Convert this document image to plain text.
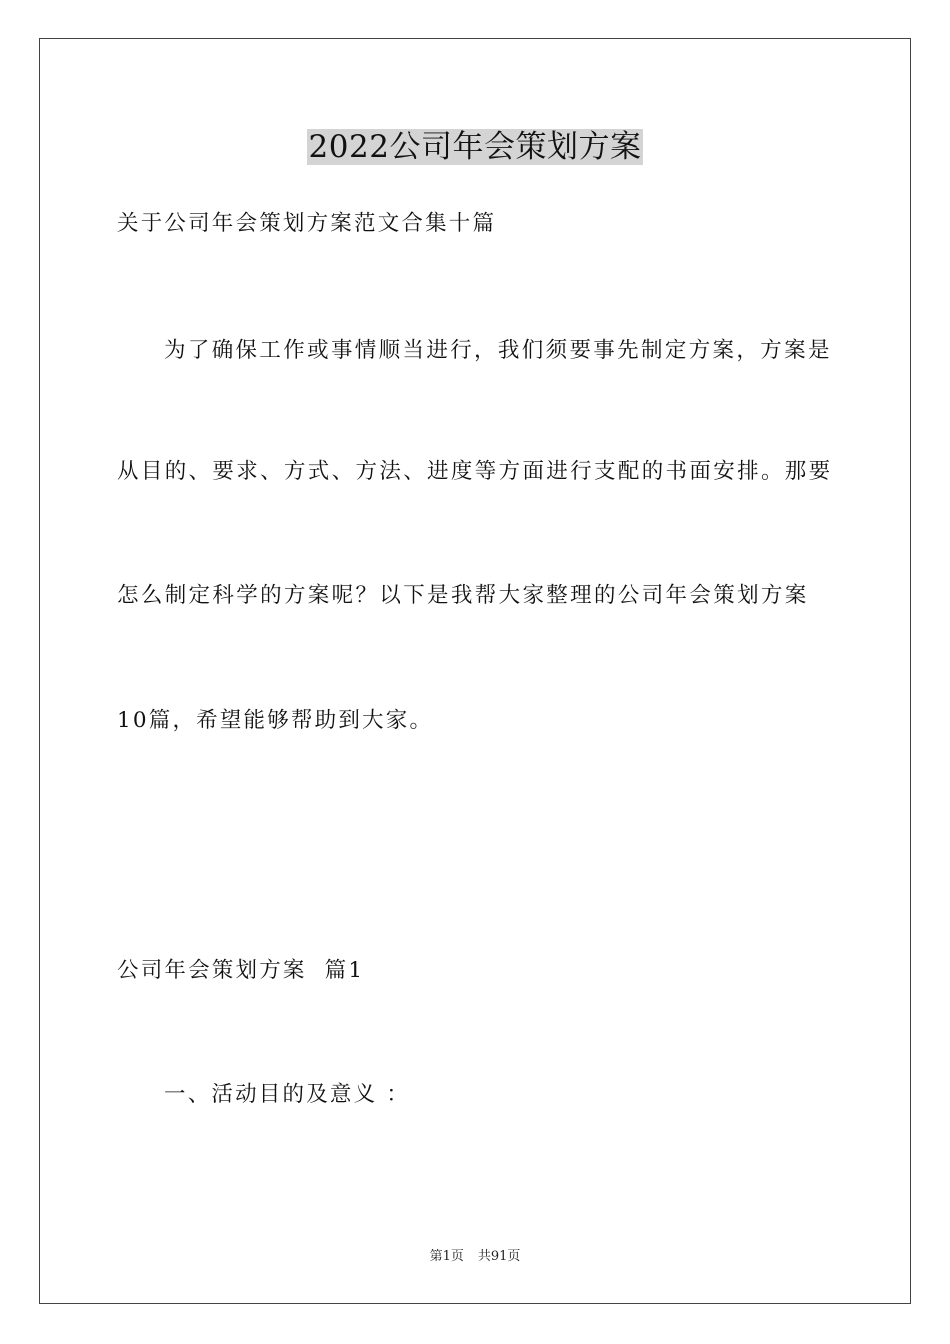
2022公司年会策划方案
关于公司年会策划方案范文合集十篇
为了确保工作或事情顺当进行，我们须要事先制定方案，方案是
从目的、要求、方式、方法、进度等方面进行支配的书面安排。那要
怎么制定科学的方案呢？以下是我帮大家整理的公司年会策划方案
10篇，希望能够帮助到大家。
公司年会策划方案  篇1
一、活动目的及意义 ：
第1页 共91页
